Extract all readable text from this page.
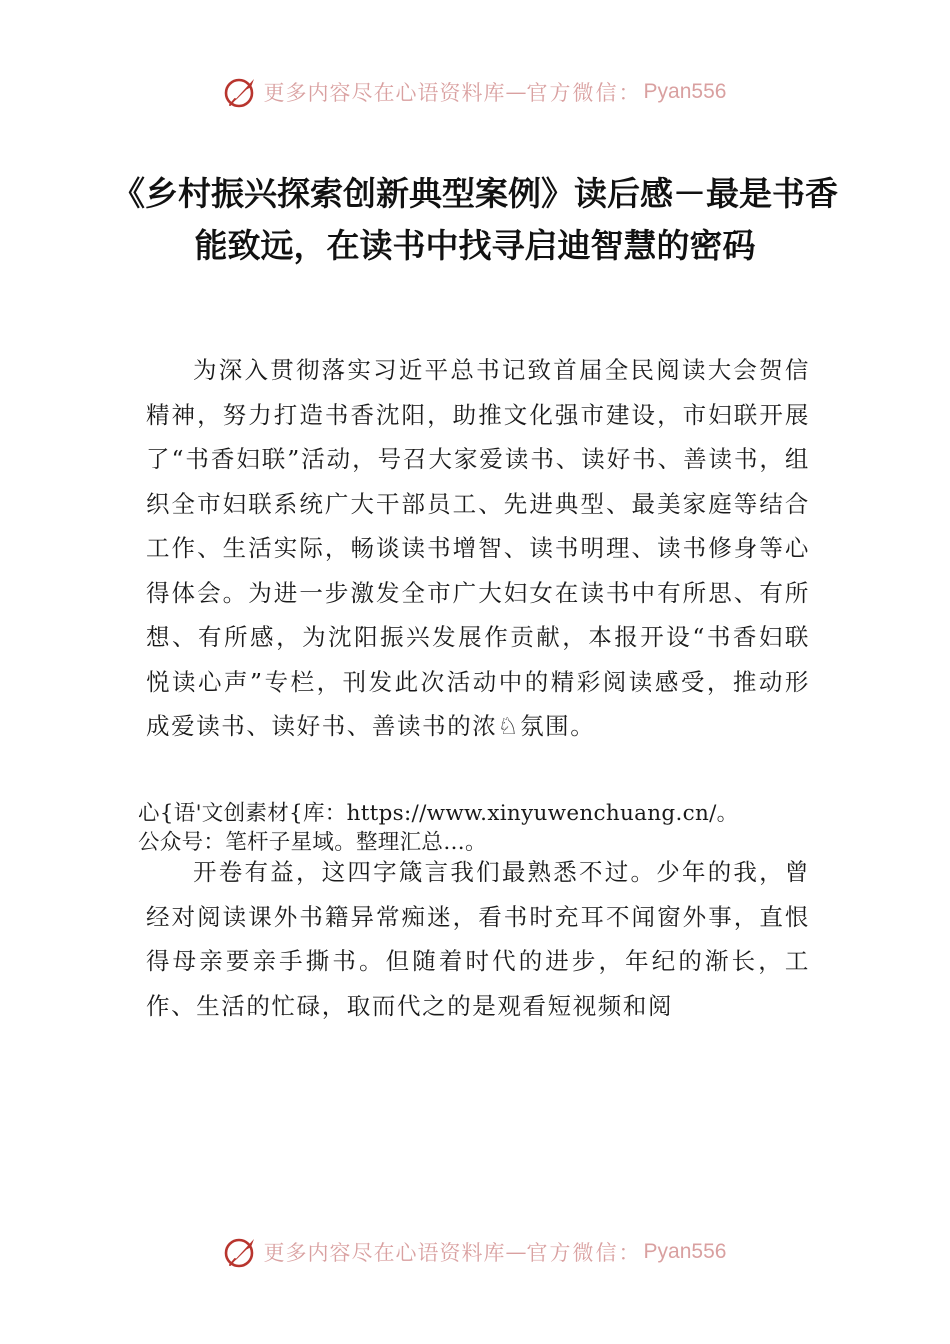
更多内容尽在心语资料库 — 官方微信： Pyan556
《乡村振兴探索创新典型案例》读后感－最是书香能致远，在读书中找寻启迪智慧的密码

为深入贯彻落实习近平总书记致首届全民阅读大会贺信精神，努力打造书香沈阳，助推文化强市建设，市妇联开展了“书香妇联”活动，号召大家爱读书、读好书、善读书，组织全市妇联系统广大干部员工、先进典型、最美家庭等结合工作、生活实际，畅谈读书增智、读书明理、读书修身等心得体会。为进一步激发全市广大妇女在读书中有所思、有所想、有所感，为沈阳振兴发展作贡献，本报开设“书香妇联 悦读心声”专栏，刊发此次活动中的精彩阅读感受，推动形成爱读书、读好书、善读书的浓♘氛围。

心{语'文创素材{库：https://www.xinyuwenchuang.cn/。
公众号：笔杆子星域。整理汇总…。

开卷有益，这四字箴言我们最熟悉不过。少年的我，曾经对阅读课外书籍异常痴迷，看书时充耳不闻窗外事，直恨得母亲要亲手撕书。但随着时代的进步，年纪的渐长，工作、生活的忙碌，取而代之的是观看短视频和阅

更多内容尽在心语资料库 — 官方微信： Pyan556
